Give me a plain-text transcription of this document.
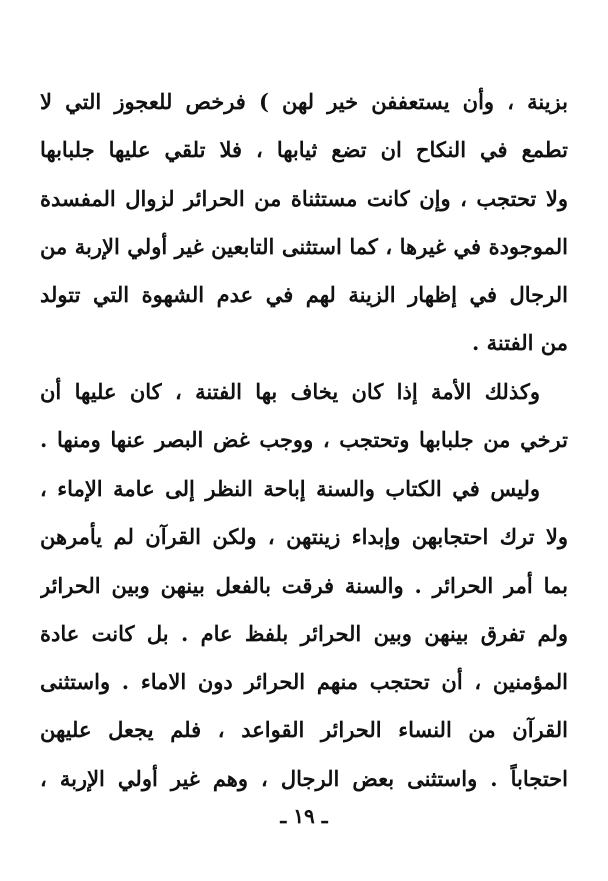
بزينة ، وأن يستعففن خير لهن ) فرخص للعجوز التي لا
تطمع في النكاح ان تضع ثيابها ، فلا تلقي عليها جلبابها
ولا تحتجب ، وإن كانت مستثناة من الحرائر لزوال المفسدة
الموجودة في غيرها ، كما استثنى التابعين غير أولي الإربة من
الرجال في إظهار الزينة لهم في عدم الشهوة التي تتولد
من الفتنة .
وكذلك الأمة إذا كان يخاف بها الفتنة ، كان عليها أن
ترخي من جلبابها وتحتجب ، ووجب غض البصر عنها ومنها .
وليس في الكتاب والسنة إباحة النظر إلى عامة الإماء ،
ولا ترك احتجابهن وإبداء زينتهن ، ولكن القرآن لم يأمرهن
بما أمر الحرائر . والسنة فرقت بالفعل بينهن وبين الحرائر
ولم تفرق بينهن وبين الحرائر بلفظ عام . بل كانت عادة
المؤمنين ، أن تحتجب منهم الحرائر دون الاماء . واستثنى
القرآن من النساء الحرائر القواعد ، فلم يجعل عليهن
احتجاباً . واستثنى بعض الرجال ، وهم غير أولي الإربة ،
ـ ١٩ ـ
